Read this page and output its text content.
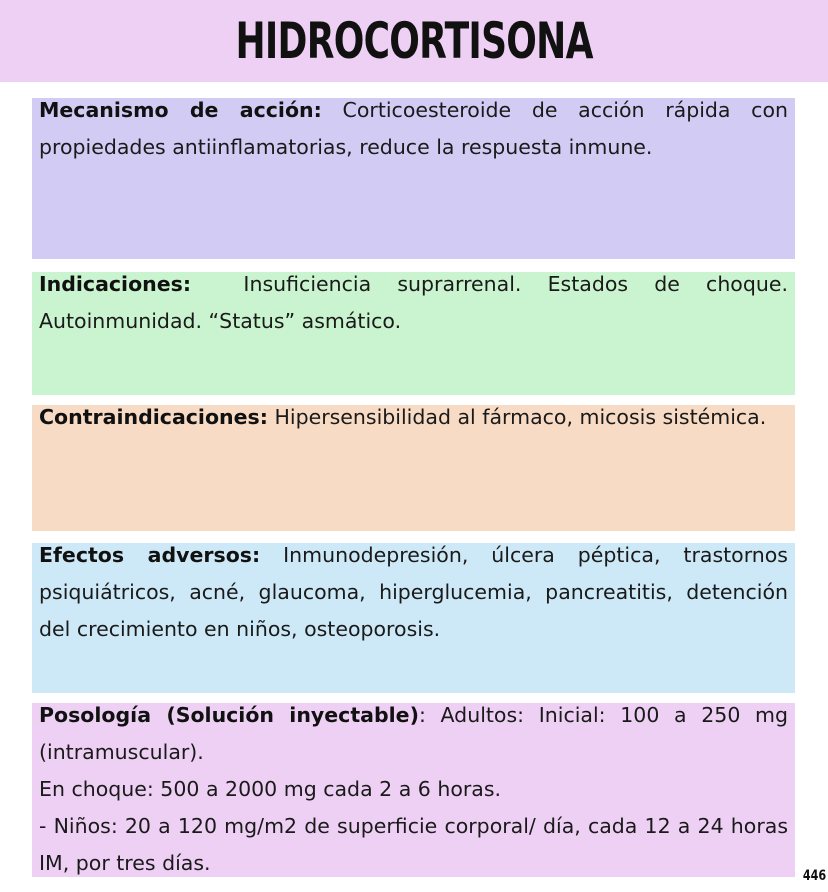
HIDROCORTISONA

Mecanismo de acción: Corticoesteroide de acción rápida con propiedades antiinflamatorias, reduce la respuesta inmune.

Indicaciones:  Insuficiencia suprarrenal. Estados de choque. Autoinmunidad. “Status” asmático.

Contraindicaciones: Hipersensibilidad al fármaco, micosis sistémica.

Efectos adversos: Inmunodepresión, úlcera péptica, trastornos psiquiátricos, acné, glaucoma, hiperglucemia, pancreatitis, detención del crecimiento en niños, osteoporosis.

Posología (Solución inyectable): Adultos: Inicial: 100 a 250 mg (intramuscular).

En choque: 500 a 2000 mg cada 2 a 6 horas.

- Niños: 20 a 120 mg/m2 de superficie corporal/ día, cada 12 a 24 horas IM, por tres días.

446
